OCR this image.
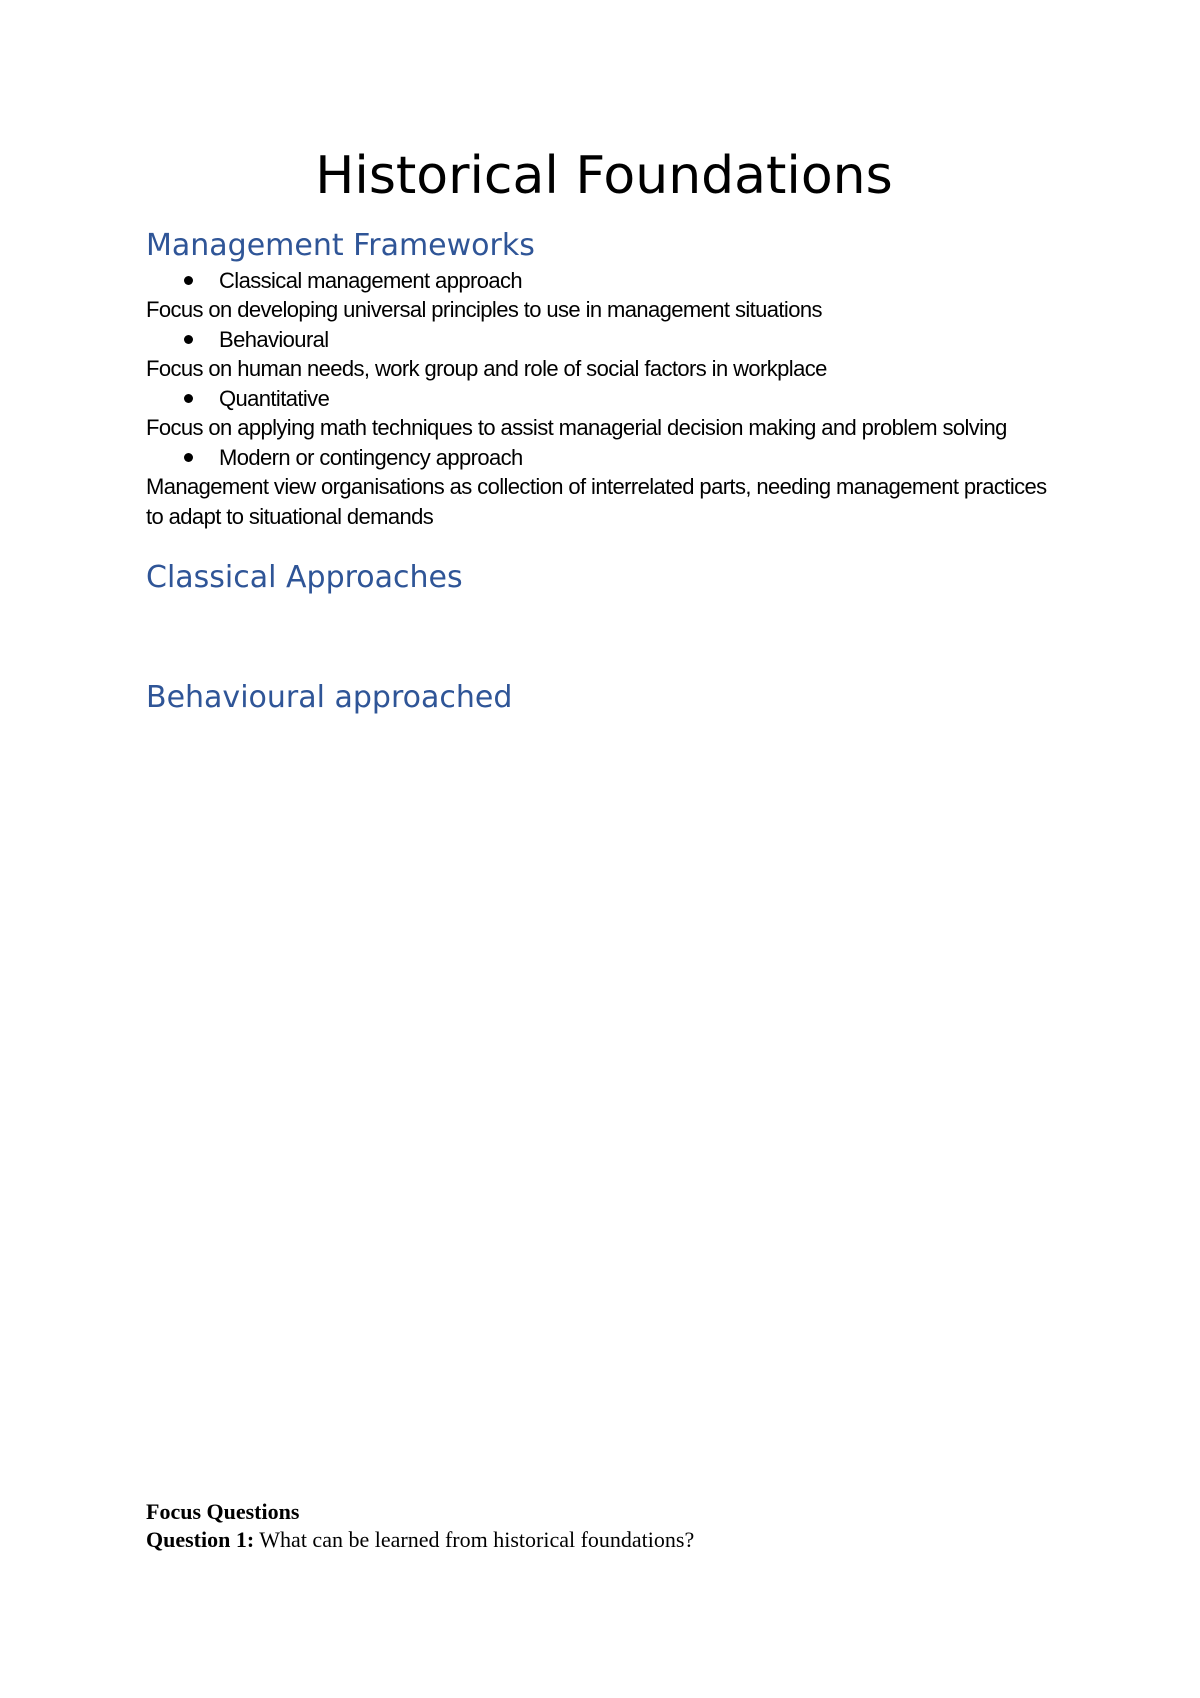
Historical Foundations
Management Frameworks
Classical management approach

Focus on developing universal principles to use in management situations

Behavioural

Focus on human needs, work group and role of social factors in workplace

Quantitative

Focus on applying math techniques to assist managerial decision making and problem solving

Modern or contingency approach

Management view organisations as collection of interrelated parts, needing management practices to adapt to situational demands

Classical Approaches
Behavioural approached

Focus Questions

Question 1: What can be learned from historical foundations?
